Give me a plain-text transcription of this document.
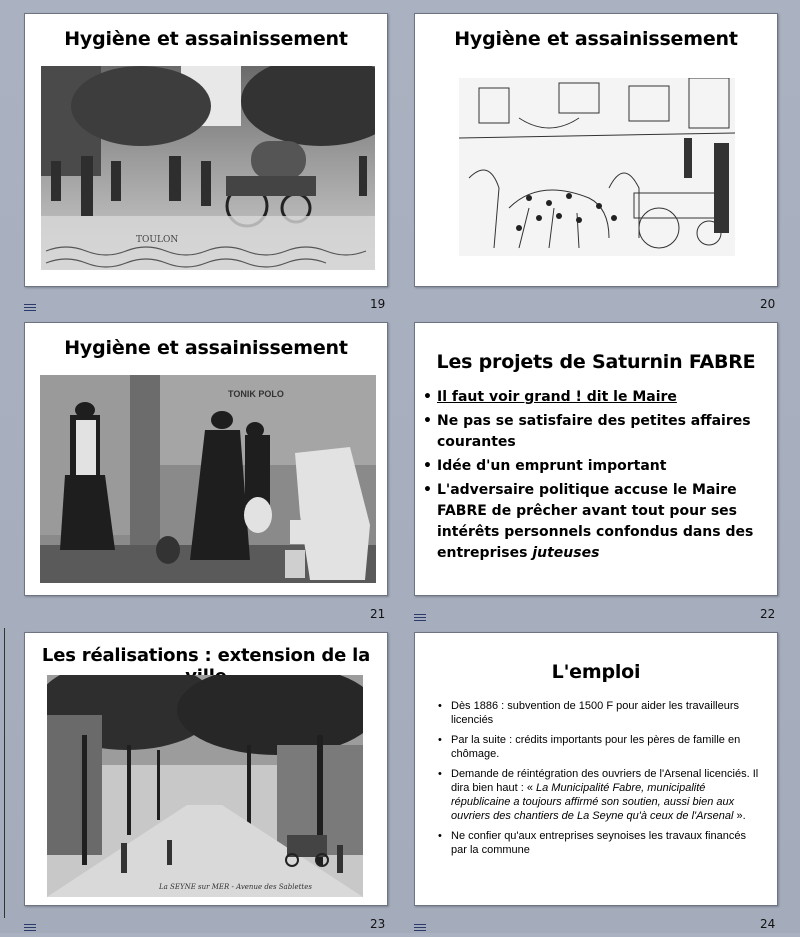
Hygiène et assainissement
TOULON
19
Hygiène et assainissement
20
Hygiène et assainissement
TONIK POLO
21
Les projets de Saturnin FABRE
• Il faut voir grand ! dit le Maire
• Ne pas se satisfaire des petites affaires courantes
• Idée d'un emprunt important
• L'adversaire politique accuse le Maire FABRE de prêcher avant tout pour ses intérêts personnels confondus dans des entreprises juteuses
22
Les réalisations : extension de la
La SEYNE sur MER - Avenue des Sablettes
23
L'emploi
• Dès 1886 : subvention de 1500 F pour aider les travailleurs licenciés
• Par la suite : crédits importants pour les pères de famille en chômage.
• Demande de réintégration des ouvriers de l'Arsenal licenciés. Il dira bien haut : « La Municipalité Fabre, municipalité républicaine a toujours affirmé son soutien, aussi bien aux ouvriers des chantiers de La Seyne qu'à ceux de l'Arsenal ».
• Ne confier qu'aux entreprises seynoises les travaux financés par la commune
24
